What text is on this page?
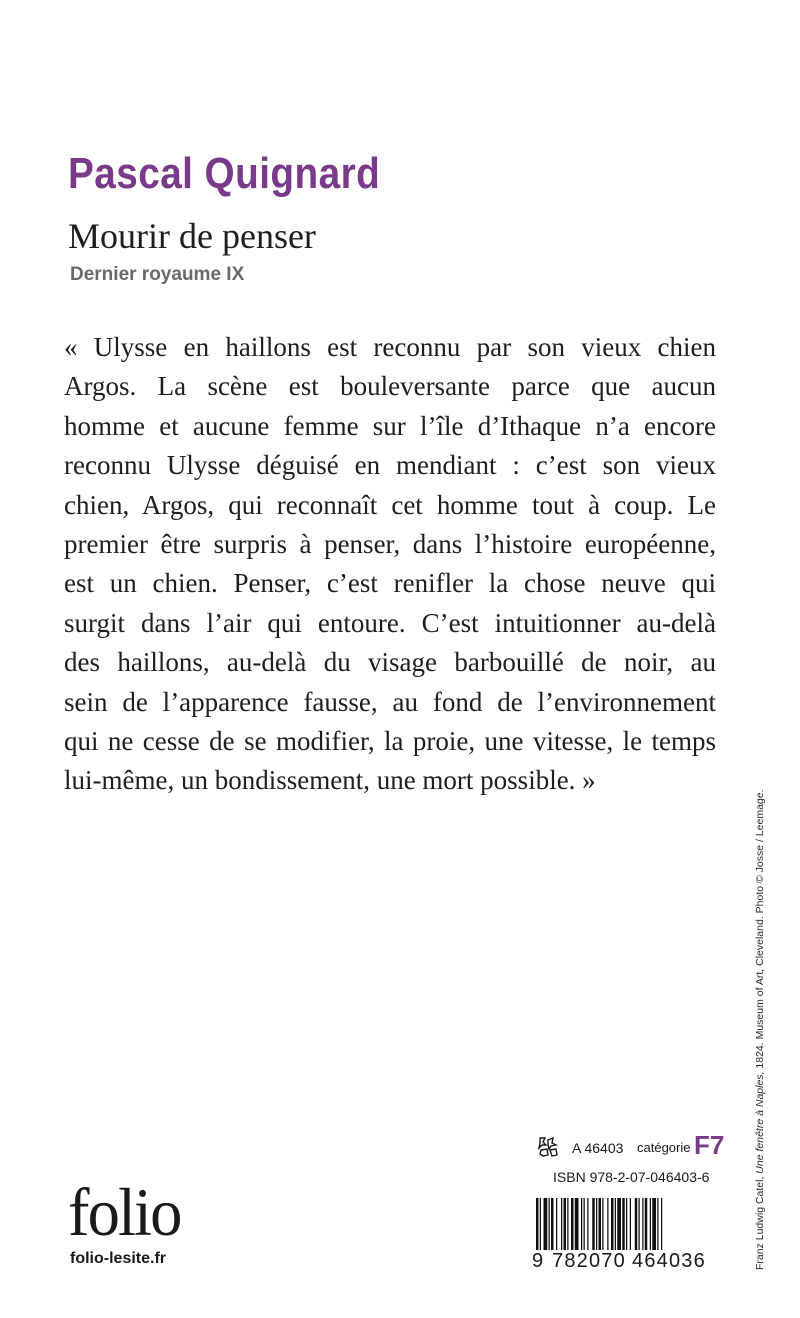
Pascal Quignard
Mourir de penser
Dernier royaume IX
« Ulysse en haillons est reconnu par son vieux chien
Argos. La scène est bouleversante parce que aucun
homme et aucune femme sur l’île d’Ithaque n’a encore
reconnu Ulysse déguisé en mendiant : c’est son vieux
chien, Argos, qui reconnaît cet homme tout à coup. Le
premier être surpris à penser, dans l’histoire européenne,
est un chien. Penser, c’est renifler la chose neuve qui
surgit dans l’air qui entoure. C’est intuitionner au-delà
des haillons, au-delà du visage barbouillé de noir, au
sein de l’apparence fausse, au fond de l’environnement
qui ne cesse de se modifier, la proie, une vitesse, le temps
lui-même, un bondissement, une mort possible. »
Franz Ludwig Catel, Une fenêtre à Naples, 1824. Museum of Art, Cleveland. Photo © Josse / Leemage.
A 46403 catégorie F7
ISBN 978-2-07-046403-6
9 782070 464036
folio
folio-lesite.fr
